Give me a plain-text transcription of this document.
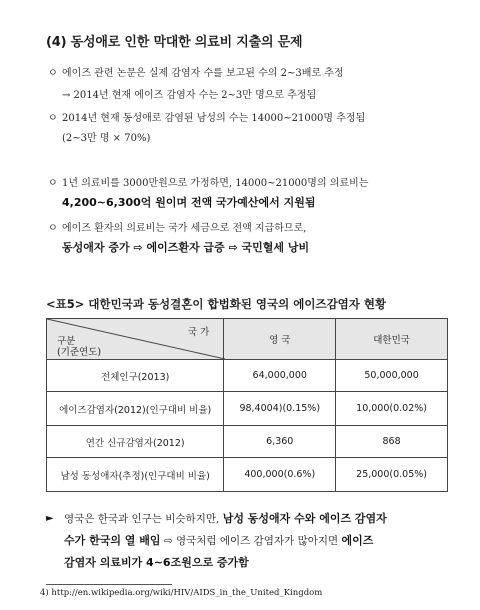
(4) 동성애로 인한 막대한 의료비 지출의 문제
ㅇ 에이즈 관련 논문은 실제 감염자 수를 보고된 수의 2~3배로 추정
→ 2014년 현재 에이즈 감염자 수는 2~3만 명으로 추정됨
ㅇ 2014년 현재 동성애로 감염된 남성의 수는 14000~21000명 추정됨
(2~3만 명 × 70%)
ㅇ 1년 의료비를 3000만원으로 가정하면, 14000~21000명의 의료비는
4,200~6,300억 원이며 전액 국가예산에서 지원됨
ㅇ 에이즈 환자의 의료비는 국가 세금으로 전액 지급하므로,
동성애자 증가 ⇨ 에이즈환자 급증 ⇨ 국민혈세 낭비
<표5> 대한민국과 동성결혼이 합법화된 영국의 에이즈감염자 현황
국 가
구분
(기준연도)	영 국	대한민국
전체인구(2013)	64,000,000	50,000,000
에이즈감염자(2012)(인구대비 비율)	98,4004)(0.15%)	10,000(0.02%)
연간 신규감염자(2012)	6,360	868
남성 동성애자(추정)(인구대비 비율)	400,000(0.6%)	25,000(0.05%)
► 영국은 한국과 인구는 비슷하지만, 남성 동성애자 수와 에이즈 감염자
수가 한국의 열 배임 ⇨ 영국처럼 에이즈 감염자가 많아지면 에이즈
감염자 의료비가 4~6조원으로 증가함
4) http://en.wikipedia.org/wiki/HIV/AIDS_in_the_United_Kingdom
